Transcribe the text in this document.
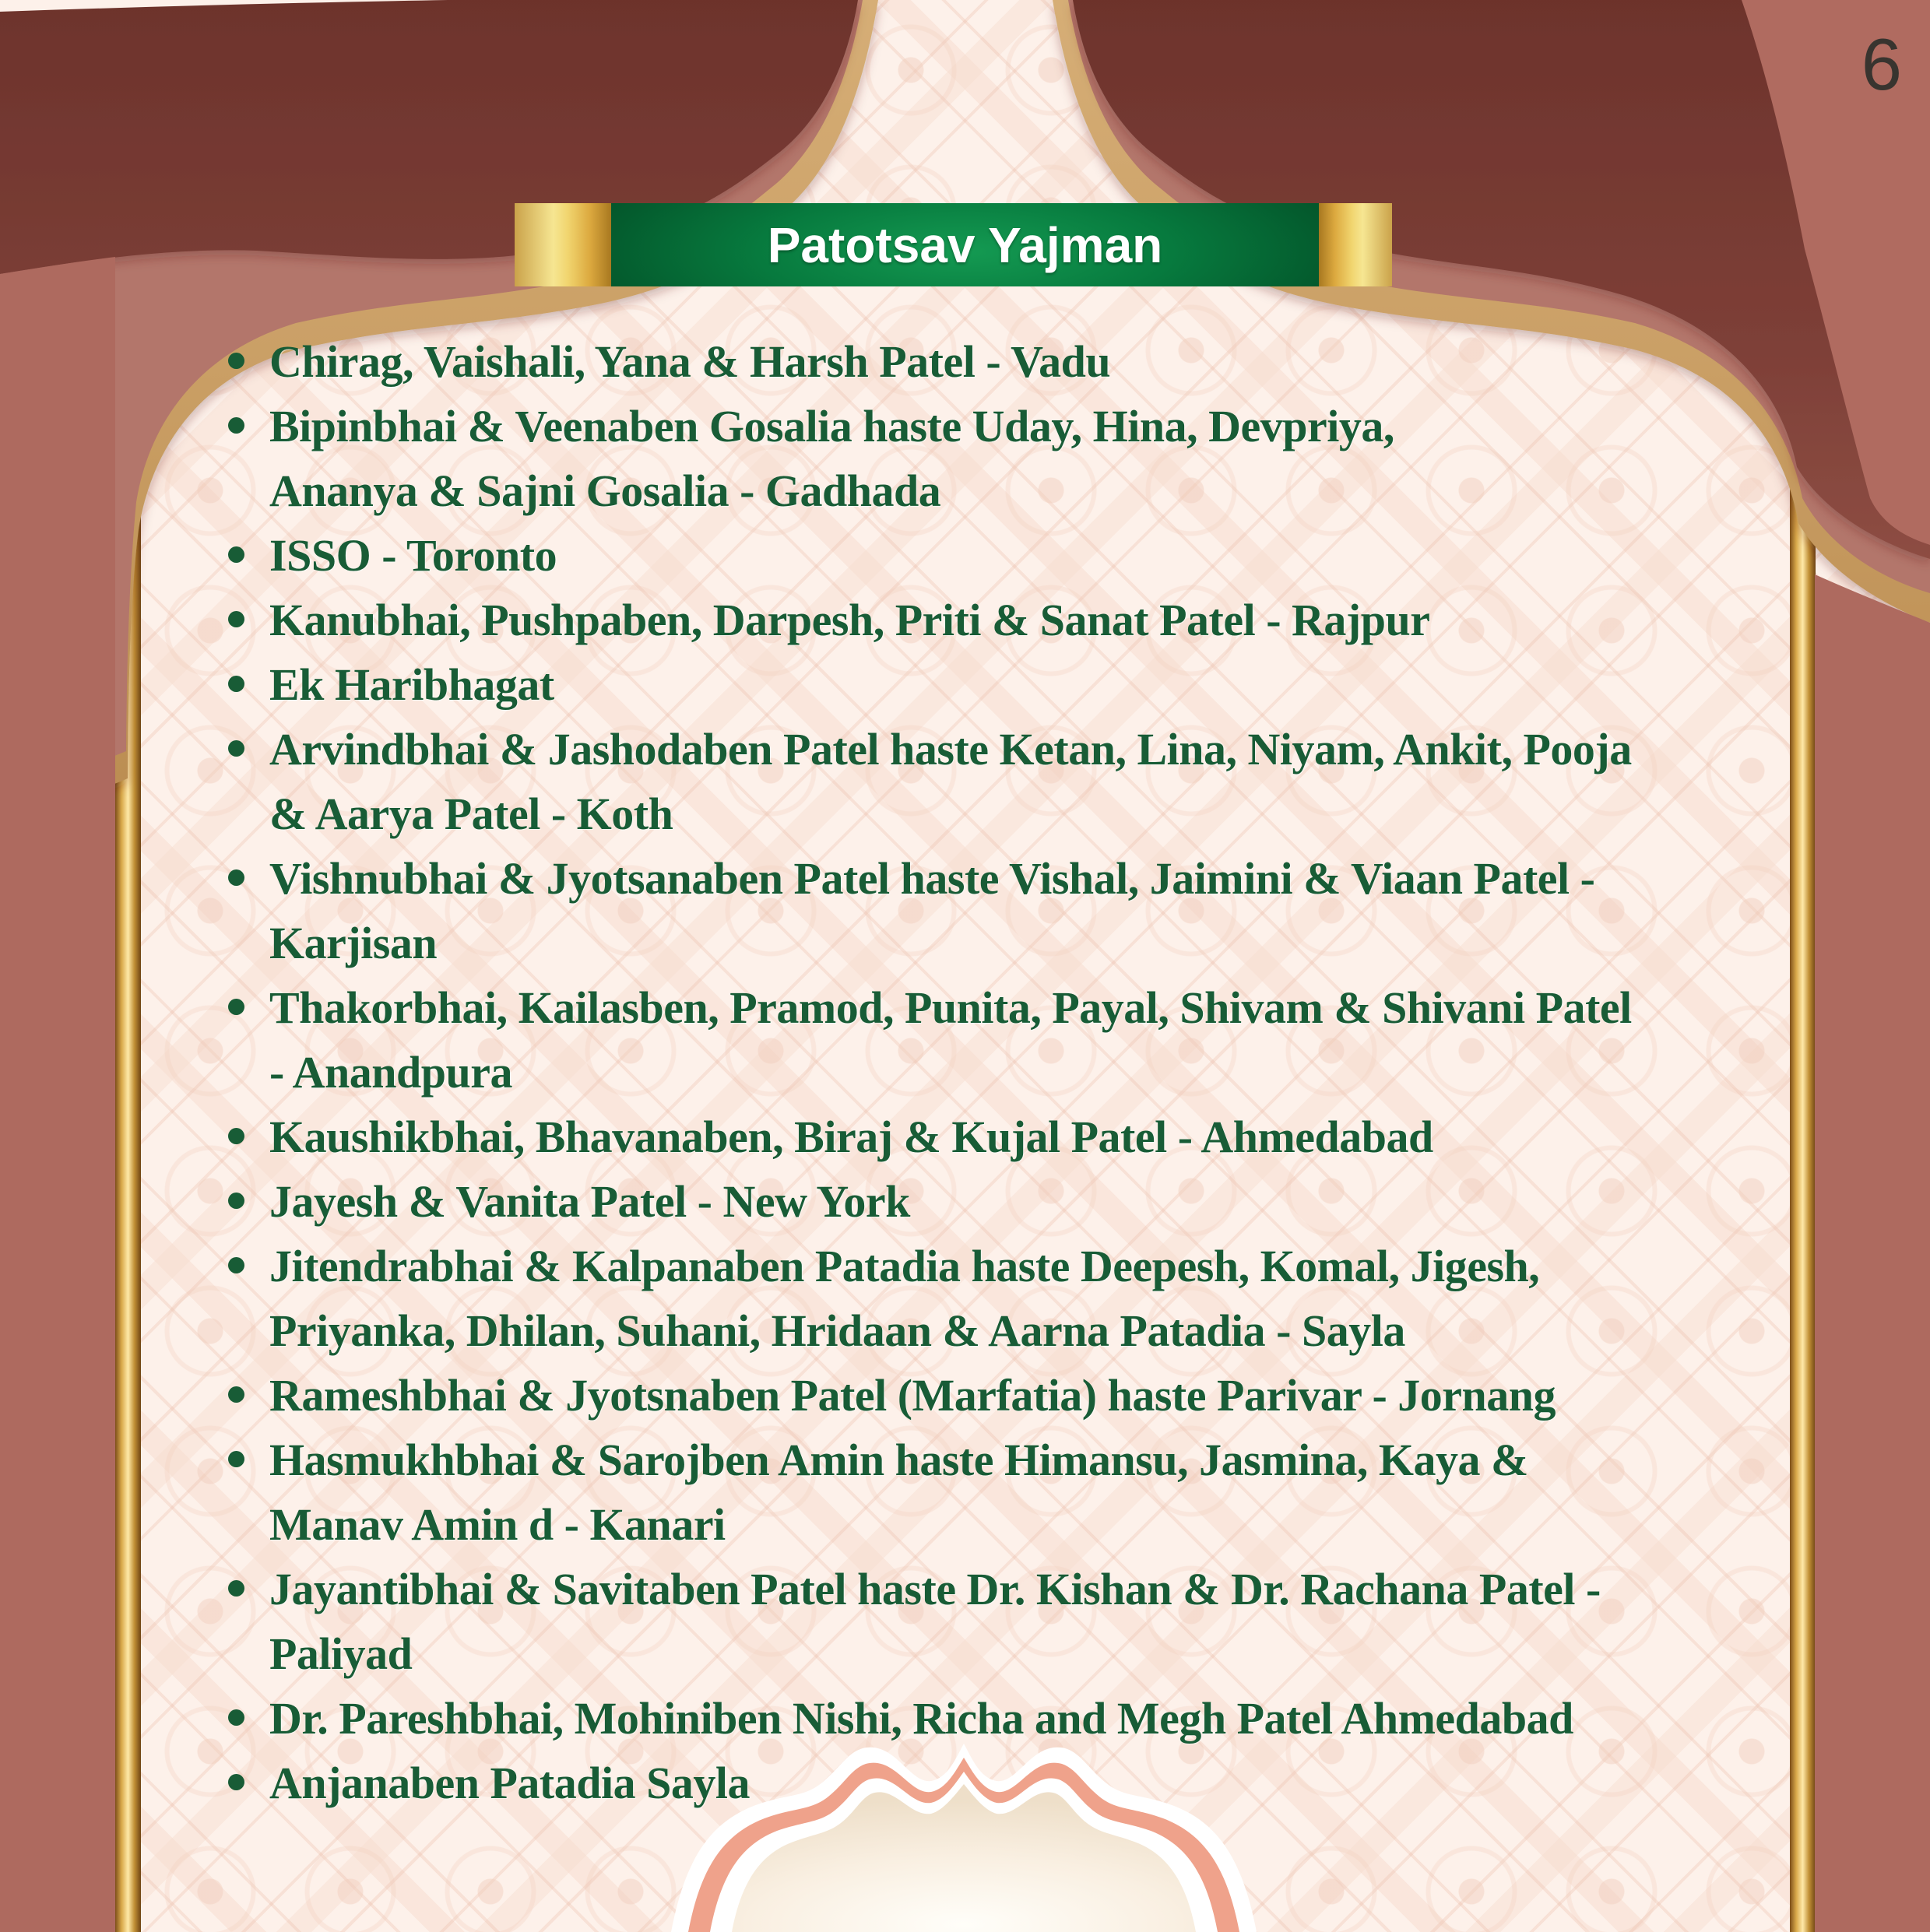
6
Patotsav Yajman
Chirag, Vaishali, Yana & Harsh Patel - Vadu
Bipinbhai & Veenaben Gosalia haste Uday, Hina, Devpriya,
Ananya & Sajni Gosalia - Gadhada
ISSO - Toronto
Kanubhai, Pushpaben, Darpesh, Priti & Sanat Patel - Rajpur
Ek Haribhagat
Arvindbhai & Jashodaben Patel haste Ketan, Lina, Niyam, Ankit, Pooja
& Aarya Patel - Koth
Vishnubhai & Jyotsanaben Patel haste Vishal, Jaimini & Viaan Patel -
Karjisan
Thakorbhai, Kailasben, Pramod, Punita, Payal, Shivam & Shivani Patel
- Anandpura
Kaushikbhai, Bhavanaben, Biraj & Kujal Patel - Ahmedabad
Jayesh & Vanita Patel - New York
Jitendrabhai & Kalpanaben Patadia haste Deepesh, Komal, Jigesh,
Priyanka, Dhilan, Suhani, Hridaan & Aarna Patadia - Sayla
Rameshbhai & Jyotsnaben Patel (Marfatia) haste Parivar - Jornang
Hasmukhbhai & Sarojben Amin haste Himansu, Jasmina, Kaya &
Manav Amin d - Kanari
Jayantibhai & Savitaben Patel haste Dr. Kishan & Dr. Rachana Patel -
Paliyad
Dr. Pareshbhai, Mohiniben Nishi, Richa and Megh Patel Ahmedabad
Anjanaben Patadia Sayla
